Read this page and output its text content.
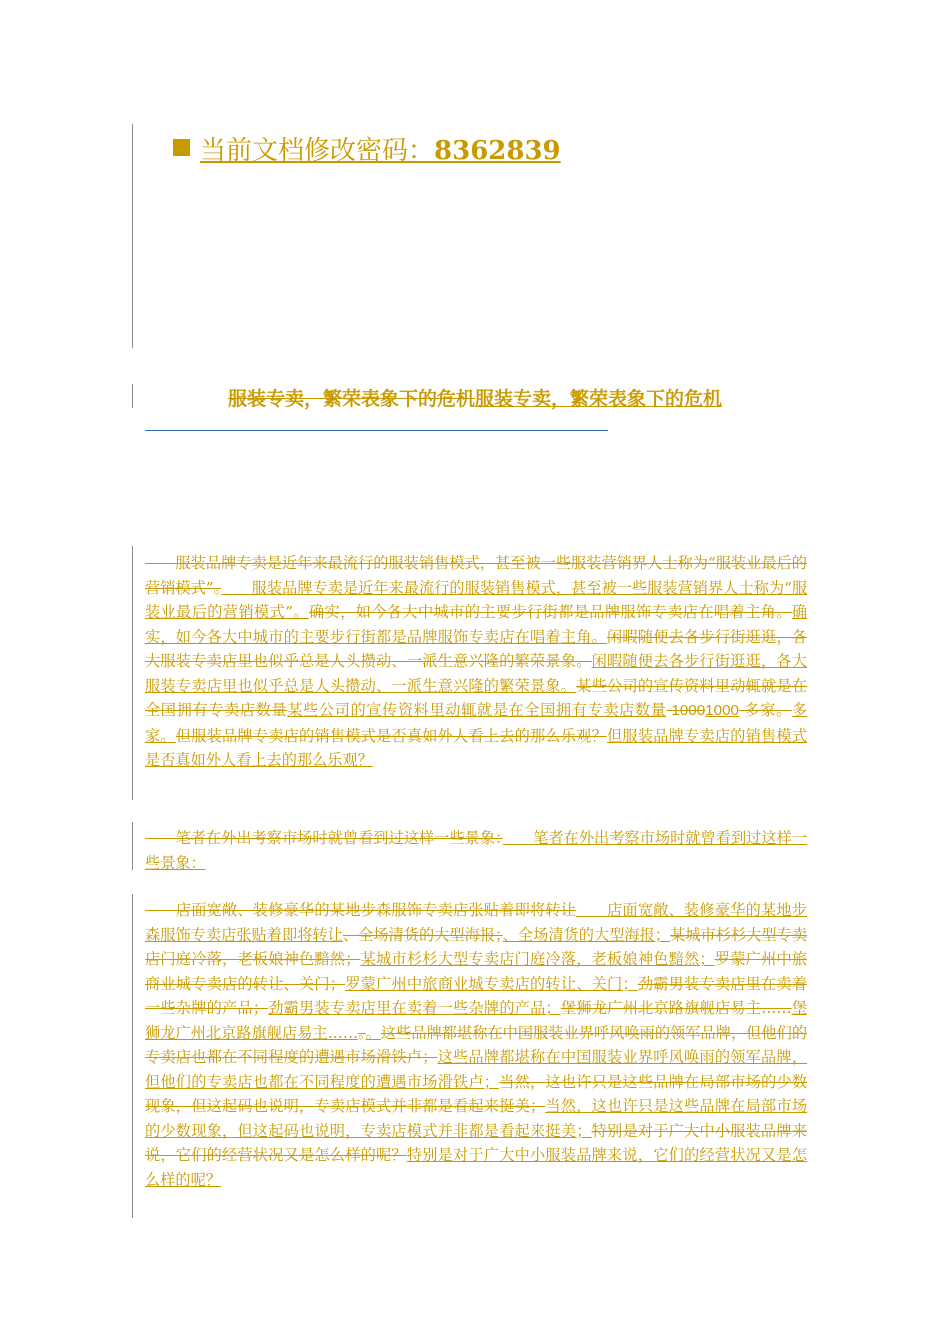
当前文档修改密码：8362839
服装专卖，繁荣表象下的危机服装专卖，繁荣表象下的危机

　　服装品牌专卖是近年来最流行的服装销售模式，甚至被一些服装营销界人士称为“服装业最后的营销模式”。　　服装品牌专卖是近年来最流行的服装销售模式，甚至被一些服装营销界人士称为“服装业最后的营销模式”。确实，如今各大中城市的主要步行街都是品牌服饰专卖店在唱着主角。确实，如今各大中城市的主要步行街都是品牌服饰专卖店在唱着主角。闲暇随便去各步行街逛逛，各大服装专卖店里也似乎总是人头攒动、一派生意兴隆的繁荣景象。闲暇随便去各步行街逛逛，各大服装专卖店里也似乎总是人头攒动、一派生意兴隆的繁荣景象。某些公司的宣传资料里动辄就是在全国拥有专卖店数量某些公司的宣传资料里动辄就是在全国拥有专卖店数量 10001000 多家。多家。但服装品牌专卖店的销售模式是否真如外人看上去的那么乐观？但服装品牌专卖店的销售模式是否真如外人看上去的那么乐观？

　　笔者在外出考察市场时就曾看到过这样一些景象：　　笔者在外出考察市场时就曾看到过这样一些景象：

　　店面宽敞、装修豪华的某地步森服饰专卖店张贴着即将转让　　店面宽敞、装修豪华的某地步森服饰专卖店张贴着即将转让、全场清货的大型海报；、全场清货的大型海报；某城市杉杉大型专卖店门庭冷落，老板娘神色黯然；某城市杉杉大型专卖店门庭冷落，老板娘神色黯然；罗蒙广州中旅商业城专卖店的转让、关门；罗蒙广州中旅商业城专卖店的转让、关门；劲霸男装专卖店里在卖着一些杂牌的产品；劲霸男装专卖店里在卖着一些杂牌的产品；堡狮龙广州北京路旗舰店易主……堡狮龙广州北京路旗舰店易主……。。这些品牌都堪称在中国服装业界呼风唤雨的领军品牌，但他们的专卖店也都在不同程度的遭遇市场滑铁卢；这些品牌都堪称在中国服装业界呼风唤雨的领军品牌，但他们的专卖店也都在不同程度的遭遇市场滑铁卢；当然，这也许只是这些品牌在局部市场的少数现象，但这起码也说明，专卖店模式并非都是看起来挺美；当然，这也许只是这些品牌在局部市场的少数现象，但这起码也说明，专卖店模式并非都是看起来挺美；特别是对于广大中小服装品牌来说，它们的经营状况又是怎么样的呢？特别是对于广大中小服装品牌来说，它们的经营状况又是怎么样的呢？
